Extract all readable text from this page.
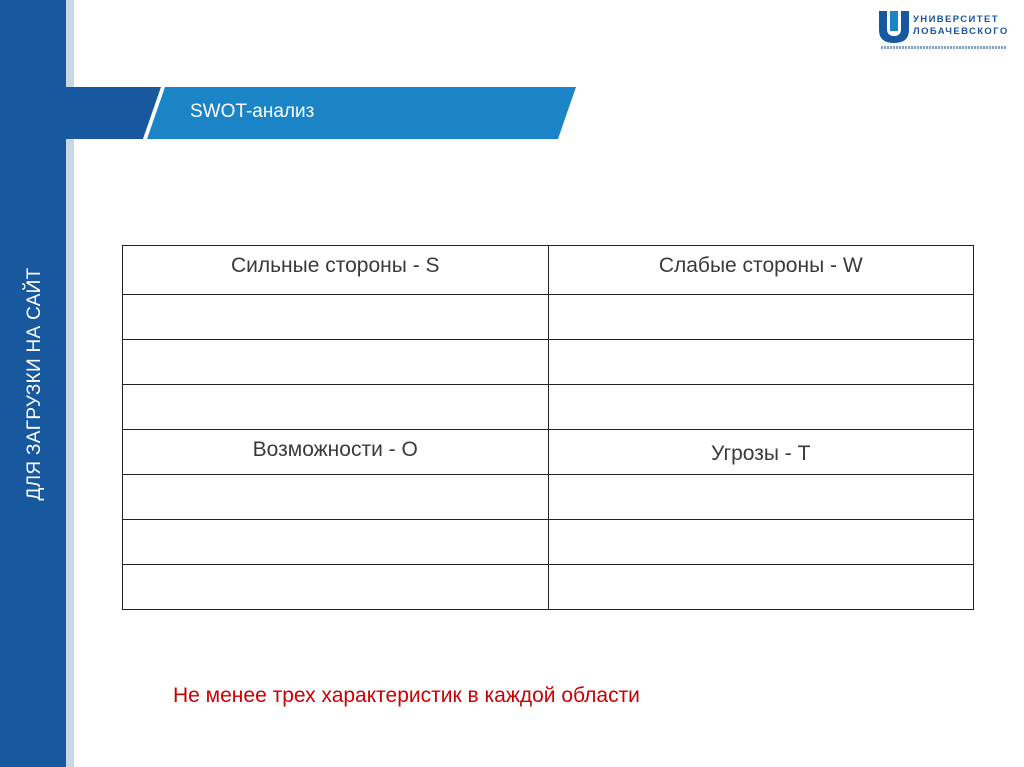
ДЛЯ ЗАГРУЗКИ НА САЙТ
SWOT-анализ
УНИВЕРСИТЕТ
ЛОБАЧЕВСКОГО
Сильные стороны - S	Слабые стороны - W

Возможности - O	Угрозы - T

Не менее трех характеристик в каждой области
